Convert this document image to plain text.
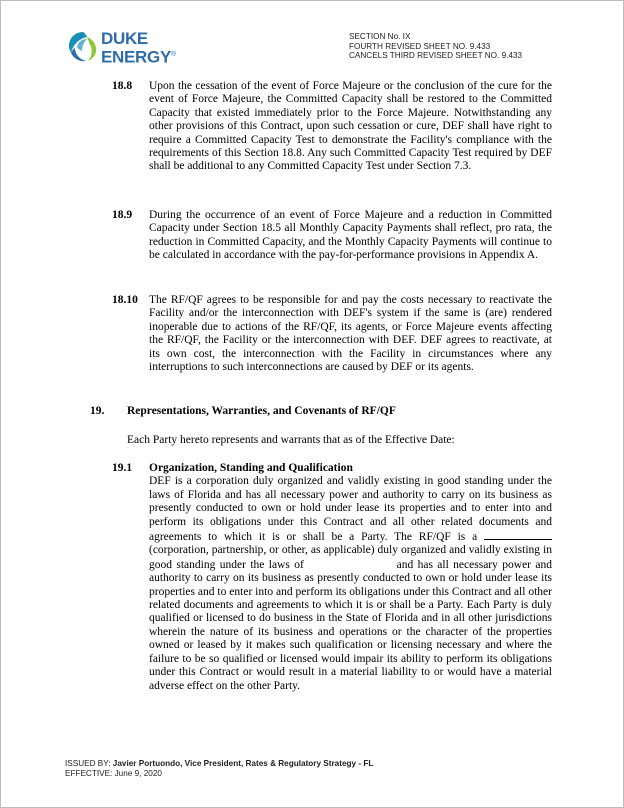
DUKE
ENERGY®
SECTION No. IX
FOURTH REVISED SHEET NO. 9.433
CANCELS THIRD REVISED SHEET NO. 9.433
18.8 Upon the cessation of the event of Force Majeure or the conclusion of the cure for the event of Force Majeure, the Committed Capacity shall be restored to the Committed Capacity that existed immediately prior to the Force Majeure. Notwithstanding any other provisions of this Contract, upon such cessation or cure, DEF shall have right to require a Committed Capacity Test to demonstrate the Facility's compliance with the requirements of this Section 18.8. Any such Committed Capacity Test required by DEF shall be additional to any Committed Capacity Test under Section 7.3.
18.9 During the occurrence of an event of Force Majeure and a reduction in Committed Capacity under Section 18.5 all Monthly Capacity Payments shall reflect, pro rata, the reduction in Committed Capacity, and the Monthly Capacity Payments will continue to be calculated in accordance with the pay-for-performance provisions in Appendix A.
18.10 The RF/QF agrees to be responsible for and pay the costs necessary to reactivate the Facility and/or the interconnection with DEF's system if the same is (are) rendered inoperable due to actions of the RF/QF, its agents, or Force Majeure events affecting the RF/QF, the Facility or the interconnection with DEF. DEF agrees to reactivate, at its own cost, the interconnection with the Facility in circumstances where any interruptions to such interconnections are caused by DEF or its agents.
19. Representations, Warranties, and Covenants of RF/QF
Each Party hereto represents and warrants that as of the Effective Date:
19.1 Organization, Standing and Qualification
DEF is a corporation duly organized and validly existing in good standing under the laws of Florida and has all necessary power and authority to carry on its business as presently conducted to own or hold under lease its properties and to enter into and perform its obligations under this Contract and all other related documents and agreements to which it is or shall be a Party. The RF/QF is a  (corporation, partnership, or other, as applicable) duly organized and validly existing in good standing under the laws of	and has all necessary power and authority to carry on its business as presently conducted to own or hold under lease its properties and to enter into and perform its obligations under this Contract and all other related documents and agreements to which it is or shall be a Party. Each Party is duly qualified or licensed to do business in the State of Florida and in all other jurisdictions wherein the nature of its business and operations or the character of the properties owned or leased by it makes such qualification or licensing necessary and where the failure to be so qualified or licensed would impair its ability to perform its obligations under this Contract or would result in a material liability to or would have a material adverse effect on the other Party.
ISSUED BY: Javier Portuondo, Vice President, Rates & Regulatory Strategy - FL
EFFECTIVE: June 9, 2020
